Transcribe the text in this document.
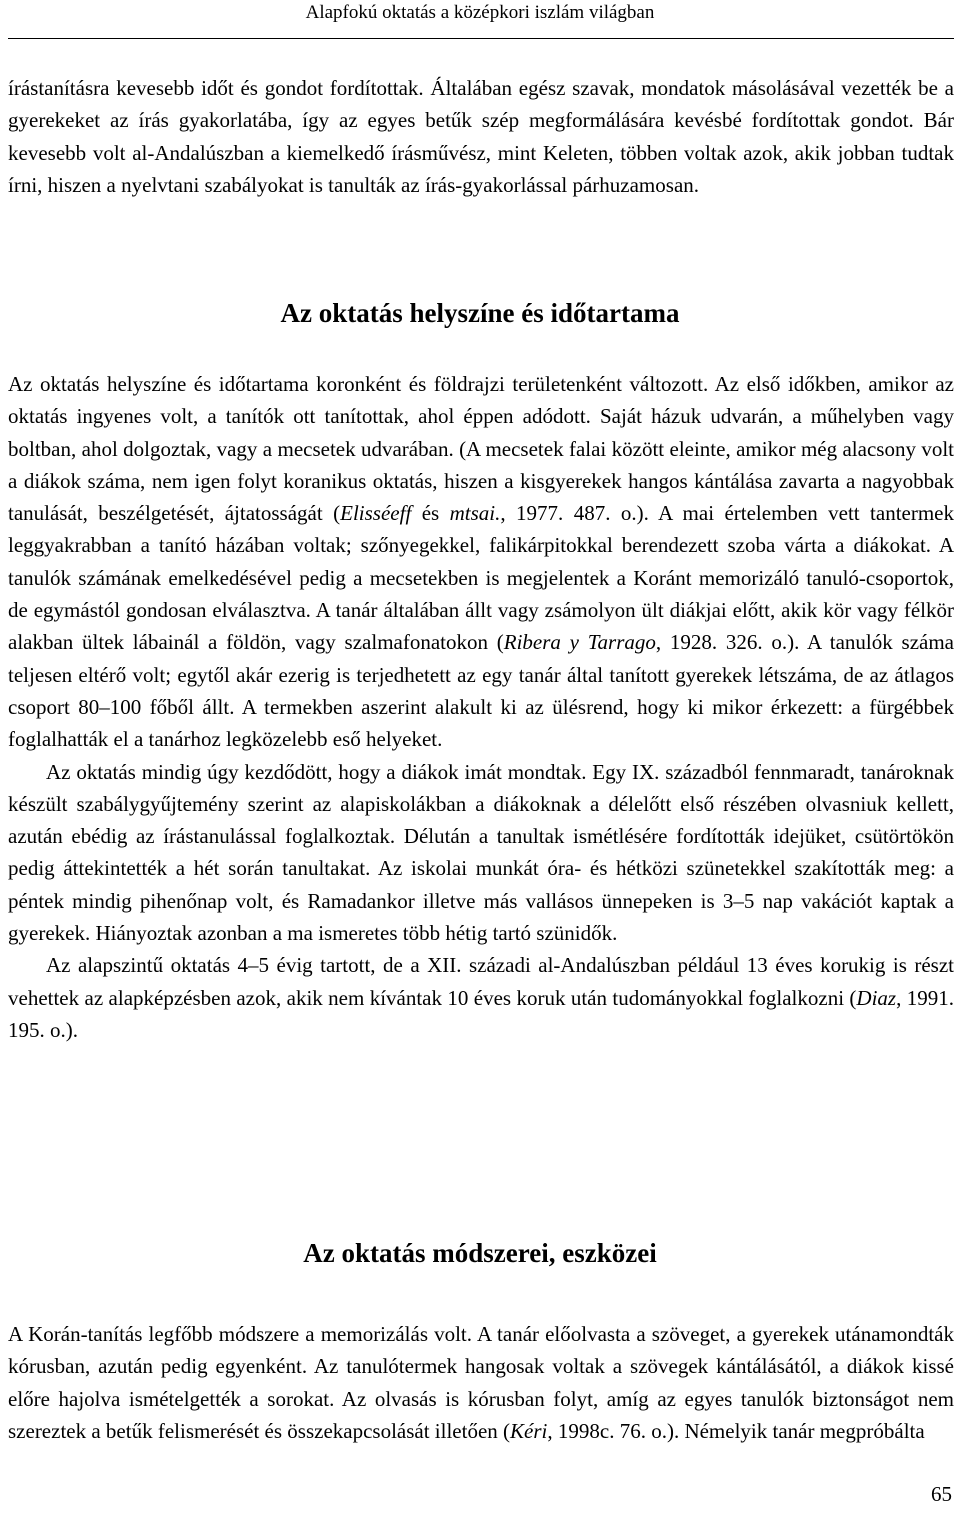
Alapfokú oktatás a középkori iszlám világban

írástanításra kevesebb időt és gondot fordítottak. Általában egész szavak, mondatok másolásával vezették be a gyerekeket az írás gyakorlatába, így az egyes betűk szép megformálására kevésbé fordítottak gondot. Bár kevesebb volt al-Andalúszban a kiemelkedő írásművész, mint Keleten, többen voltak azok, akik jobban tudtak írni, hiszen a nyelvtani szabályokat is tanulták az írás-gyakorlással párhuzamosan.

Az oktatás helyszíne és időtartama

Az oktatás helyszíne és időtartama koronként és földrajzi területenként változott. Az első időkben, amikor az oktatás ingyenes volt, a tanítók ott tanítottak, ahol éppen adódott. Saját házuk udvarán, a műhelyben vagy boltban, ahol dolgoztak, vagy a mecsetek udvarában. (A mecsetek falai között eleinte, amikor még alacsony volt a diákok száma, nem igen folyt koranikus oktatás, hiszen a kisgyerekek hangos kántálása zavarta a nagyobbak tanulását, beszélgetését, ájtatosságát (Elisséeff és mtsai., 1977. 487. o.). A mai értelemben vett tantermek leggyakrabban a tanító házában voltak; szőnyegekkel, falikárpitokkal berendezett szoba várta a diákokat. A tanulók számának emelkedésével pedig a mecsetekben is megjelentek a Koránt memorizáló tanuló-csoportok, de egymástól gondosan elválasztva. A tanár általában állt vagy zsámolyon ült diákjai előtt, akik kör vagy félkör alakban ültek lábainál a földön, vagy szalmafonatokon (Ribera y Tarrago, 1928. 326. o.). A tanulók száma teljesen eltérő volt; egytől akár ezerig is terjedhetett az egy tanár által tanított gyerekek létszáma, de az átlagos csoport 80–100 főből állt. A termekben aszerint alakult ki az ülésrend, hogy ki mikor érkezett: a fürgébbek foglalhatták el a tanárhoz legközelebb eső helyeket.

Az oktatás mindig úgy kezdődött, hogy a diákok imát mondtak. Egy IX. századból fennmaradt, tanároknak készült szabálygyűjtemény szerint az alapiskolákban a diákoknak a délelőtt első részében olvasniuk kellett, azután ebédig az írástanulással foglalkoztak. Délután a tanultak ismétlésére fordították idejüket, csütörtökön pedig áttekintették a hét során tanultakat. Az iskolai munkát óra- és hétközi szünetekkel szakították meg: a péntek mindig pihenőnap volt, és Ramadankor illetve más vallásos ünnepeken is 3–5 nap vakációt kaptak a gyerekek. Hiányoztak azonban a ma ismeretes több hétig tartó szünidők.

Az alapszintű oktatás 4–5 évig tartott, de a XII. századi al-Andalúszban például 13 éves korukig is részt vehettek az alapképzésben azok, akik nem kívántak 10 éves koruk után tudományokkal foglalkozni (Diaz, 1991. 195. o.).

Az oktatás módszerei, eszközei

A Korán-tanítás legfőbb módszere a memorizálás volt. A tanár előolvasta a szöveget, a gyerekek utánamondták kórusban, azután pedig egyenként. Az tanulótermek hangosak voltak a szövegek kántálásától, a diákok kissé előre hajolva ismételgették a sorokat. Az olvasás is kórusban folyt, amíg az egyes tanulók biztonságot nem szereztek a betűk felismerését és összekapcsolását illetően (Kéri, 1998c. 76. o.). Némelyik tanár megpróbálta

65
